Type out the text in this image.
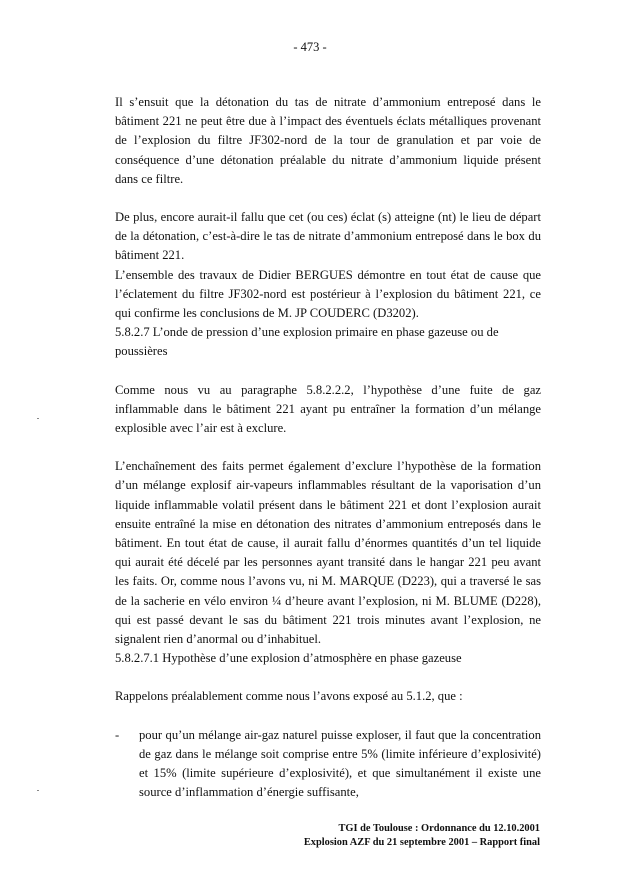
- 473 -

Il s’ensuit que la détonation du tas de nitrate d’ammonium entreposé dans le bâtiment 221 ne peut être due à l’impact des éventuels éclats métalliques provenant de l’explosion du filtre JF302-nord de la tour de granulation et par voie de conséquence d’une détonation préalable du nitrate d’ammonium liquide présent dans ce filtre.

De plus, encore aurait-il fallu que cet (ou ces) éclat (s) atteigne (nt) le lieu de départ de la détonation, c’est-à-dire le tas de nitrate d’ammonium entreposé dans le box du bâtiment 221.

L’ensemble des travaux de Didier BERGUES démontre en tout état de cause que l’éclatement du filtre JF302-nord est postérieur à l’explosion du bâtiment 221, ce qui confirme les conclusions de M. JP COUDERC (D3202).

5.8.2.7 L’onde de pression d’une explosion primaire en phase gazeuse ou de poussières

Comme nous vu au paragraphe 5.8.2.2.2, l’hypothèse d’une fuite de gaz inflammable dans le bâtiment 221 ayant pu entraîner la formation d’un mélange explosible avec l’air est à exclure.

L’enchaînement des faits permet également d’exclure l’hypothèse de la formation d’un mélange explosif air-vapeurs inflammables résultant de la vaporisation d’un liquide inflammable volatil présent dans le bâtiment 221 et dont l’explosion aurait ensuite entraîné la mise en détonation des nitrates d’ammonium entreposés dans le bâtiment. En tout état de cause, il aurait fallu d’énormes quantités d’un tel liquide qui aurait été décelé par les personnes ayant transité dans le hangar 221 peu avant les faits. Or, comme nous l’avons vu, ni M. MARQUE (D223), qui a traversé le sas de la sacherie en vélo environ ¼ d’heure avant l’explosion, ni M. BLUME (D228), qui est passé devant le sas du bâtiment 221 trois minutes avant l’explosion, ne signalent rien d’anormal ou d’inhabituel.

5.8.2.7.1 Hypothèse d’une explosion d’atmosphère en phase gazeuse

Rappelons préalablement comme nous l’avons exposé au 5.1.2, que :

- pour qu’un mélange air-gaz naturel puisse exploser, il faut que la concentration de gaz dans le mélange soit comprise entre 5% (limite inférieure d’explosivité) et 15% (limite supérieure d’explosivité), et que simultanément il existe une source d’inflammation d’énergie suffisante,
TGI de Toulouse : Ordonnance du 12.10.2001
Explosion AZF du 21 septembre 2001 – Rapport final
